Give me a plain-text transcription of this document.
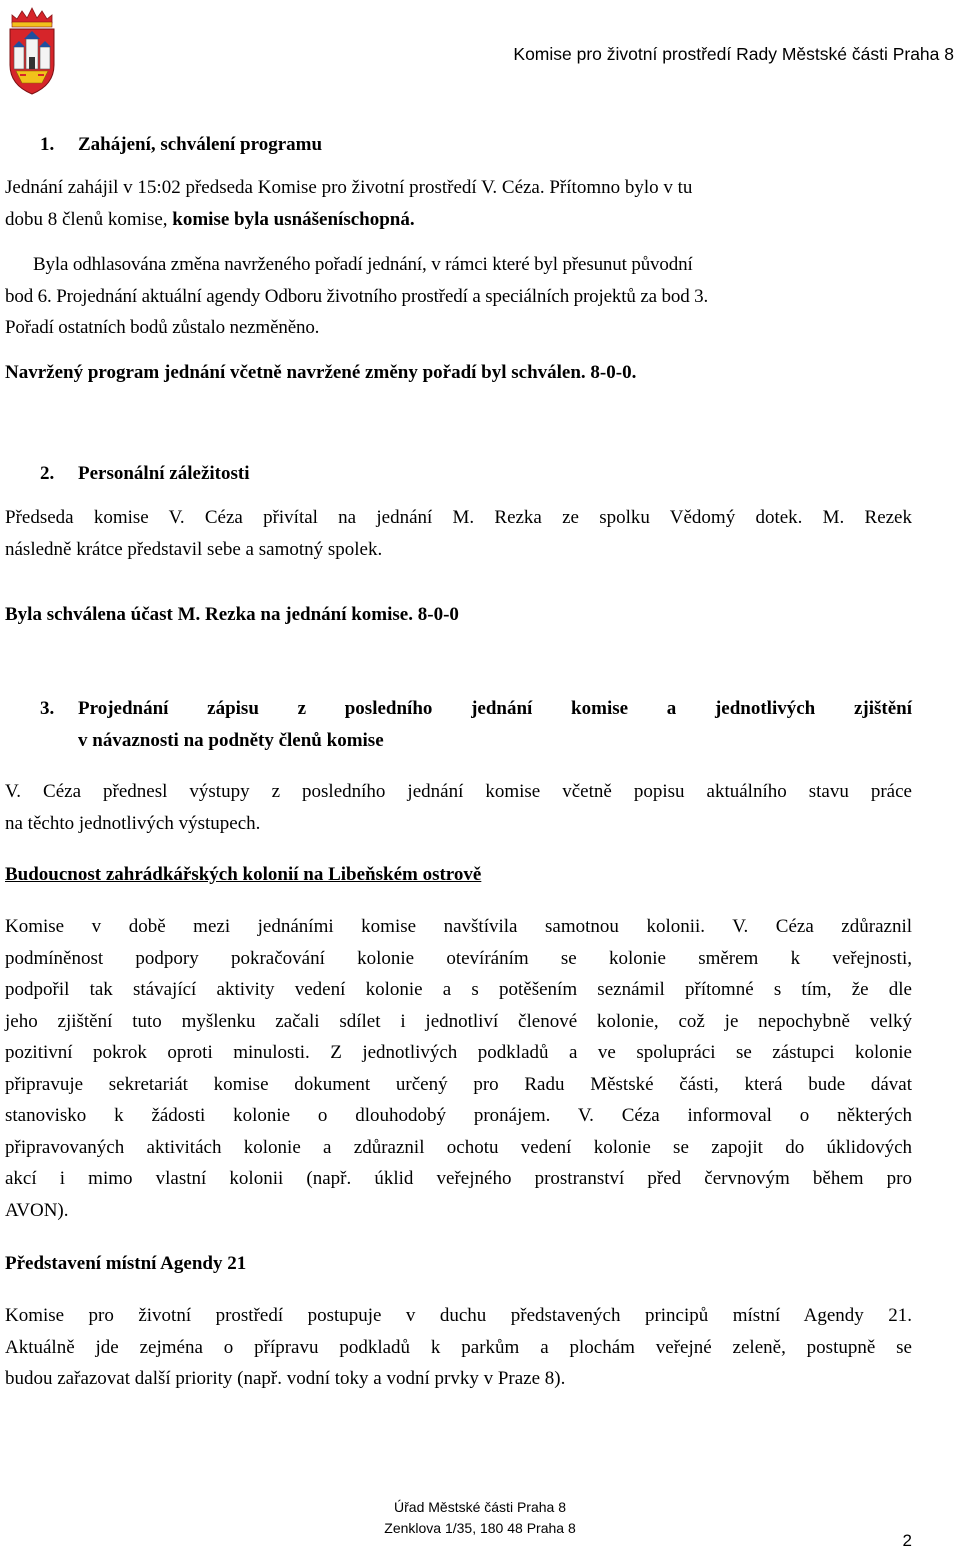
Komise pro životní prostředí Rady Městské části Praha 8
1. Zahájení, schválení programu
Jednání zahájil v 15:02 předseda Komise pro životní prostředí V. Céza. Přítomno bylo v tu
dobu 8 členů komise, komise byla usnášeníschopná.
Byla odhlasována změna navrženého pořadí jednání, v rámci které byl přesunut původní
bod 6. Projednání aktuální agendy Odboru životního prostředí a speciálních projektů za bod 3.
Pořadí ostatních bodů zůstalo nezměněno.
Navržený program jednání včetně navržené změny pořadí byl schválen. 8-0-0.
2. Personální záležitosti
Předseda komise V. Céza přivítal na jednání M. Rezka ze spolku Vědomý dotek. M. Rezek
následně krátce představil sebe a samotný spolek.
Byla schválena účast M. Rezka na jednání komise. 8-0-0
3. Projednání zápisu z posledního jednání komise a jednotlivých zjištění
v návaznosti na podněty členů komise
V. Céza přednesl výstupy z posledního jednání komise včetně popisu aktuálního stavu práce
na těchto jednotlivých výstupech.
Budoucnost zahrádkářských kolonií na Libeňském ostrově
Komise v době mezi jednáními komise navštívila samotnou kolonii. V. Céza zdůraznil
podmíněnost podpory pokračování kolonie otevíráním se kolonie směrem k veřejnosti,
podpořil tak stávající aktivity vedení kolonie a s potěšením seznámil přítomné s tím, že dle
jeho zjištění tuto myšlenku začali sdílet i jednotliví členové kolonie, což je nepochybně velký
pozitivní pokrok oproti minulosti. Z jednotlivých podkladů a ve spolupráci se zástupci kolonie
připravuje sekretariát komise dokument určený pro Radu Městské části, která bude dávat
stanovisko k žádosti kolonie o dlouhodobý pronájem. V. Céza informoval o některých
připravovaných aktivitách kolonie a zdůraznil ochotu vedení kolonie se zapojit do úklidových
akcí i mimo vlastní kolonii (např. úklid veřejného prostranství před červnovým během pro
AVON).
Představení místní Agendy 21
Komise pro životní prostředí postupuje v duchu představených principů místní Agendy 21.
Aktuálně jde zejména o přípravu podkladů k parkům a plochám veřejné zeleně, postupně se
budou zařazovat další priority (např. vodní toky a vodní prvky v Praze 8).
Úřad Městské části Praha 8
Zenklova 1/35, 180 48 Praha 8
2
